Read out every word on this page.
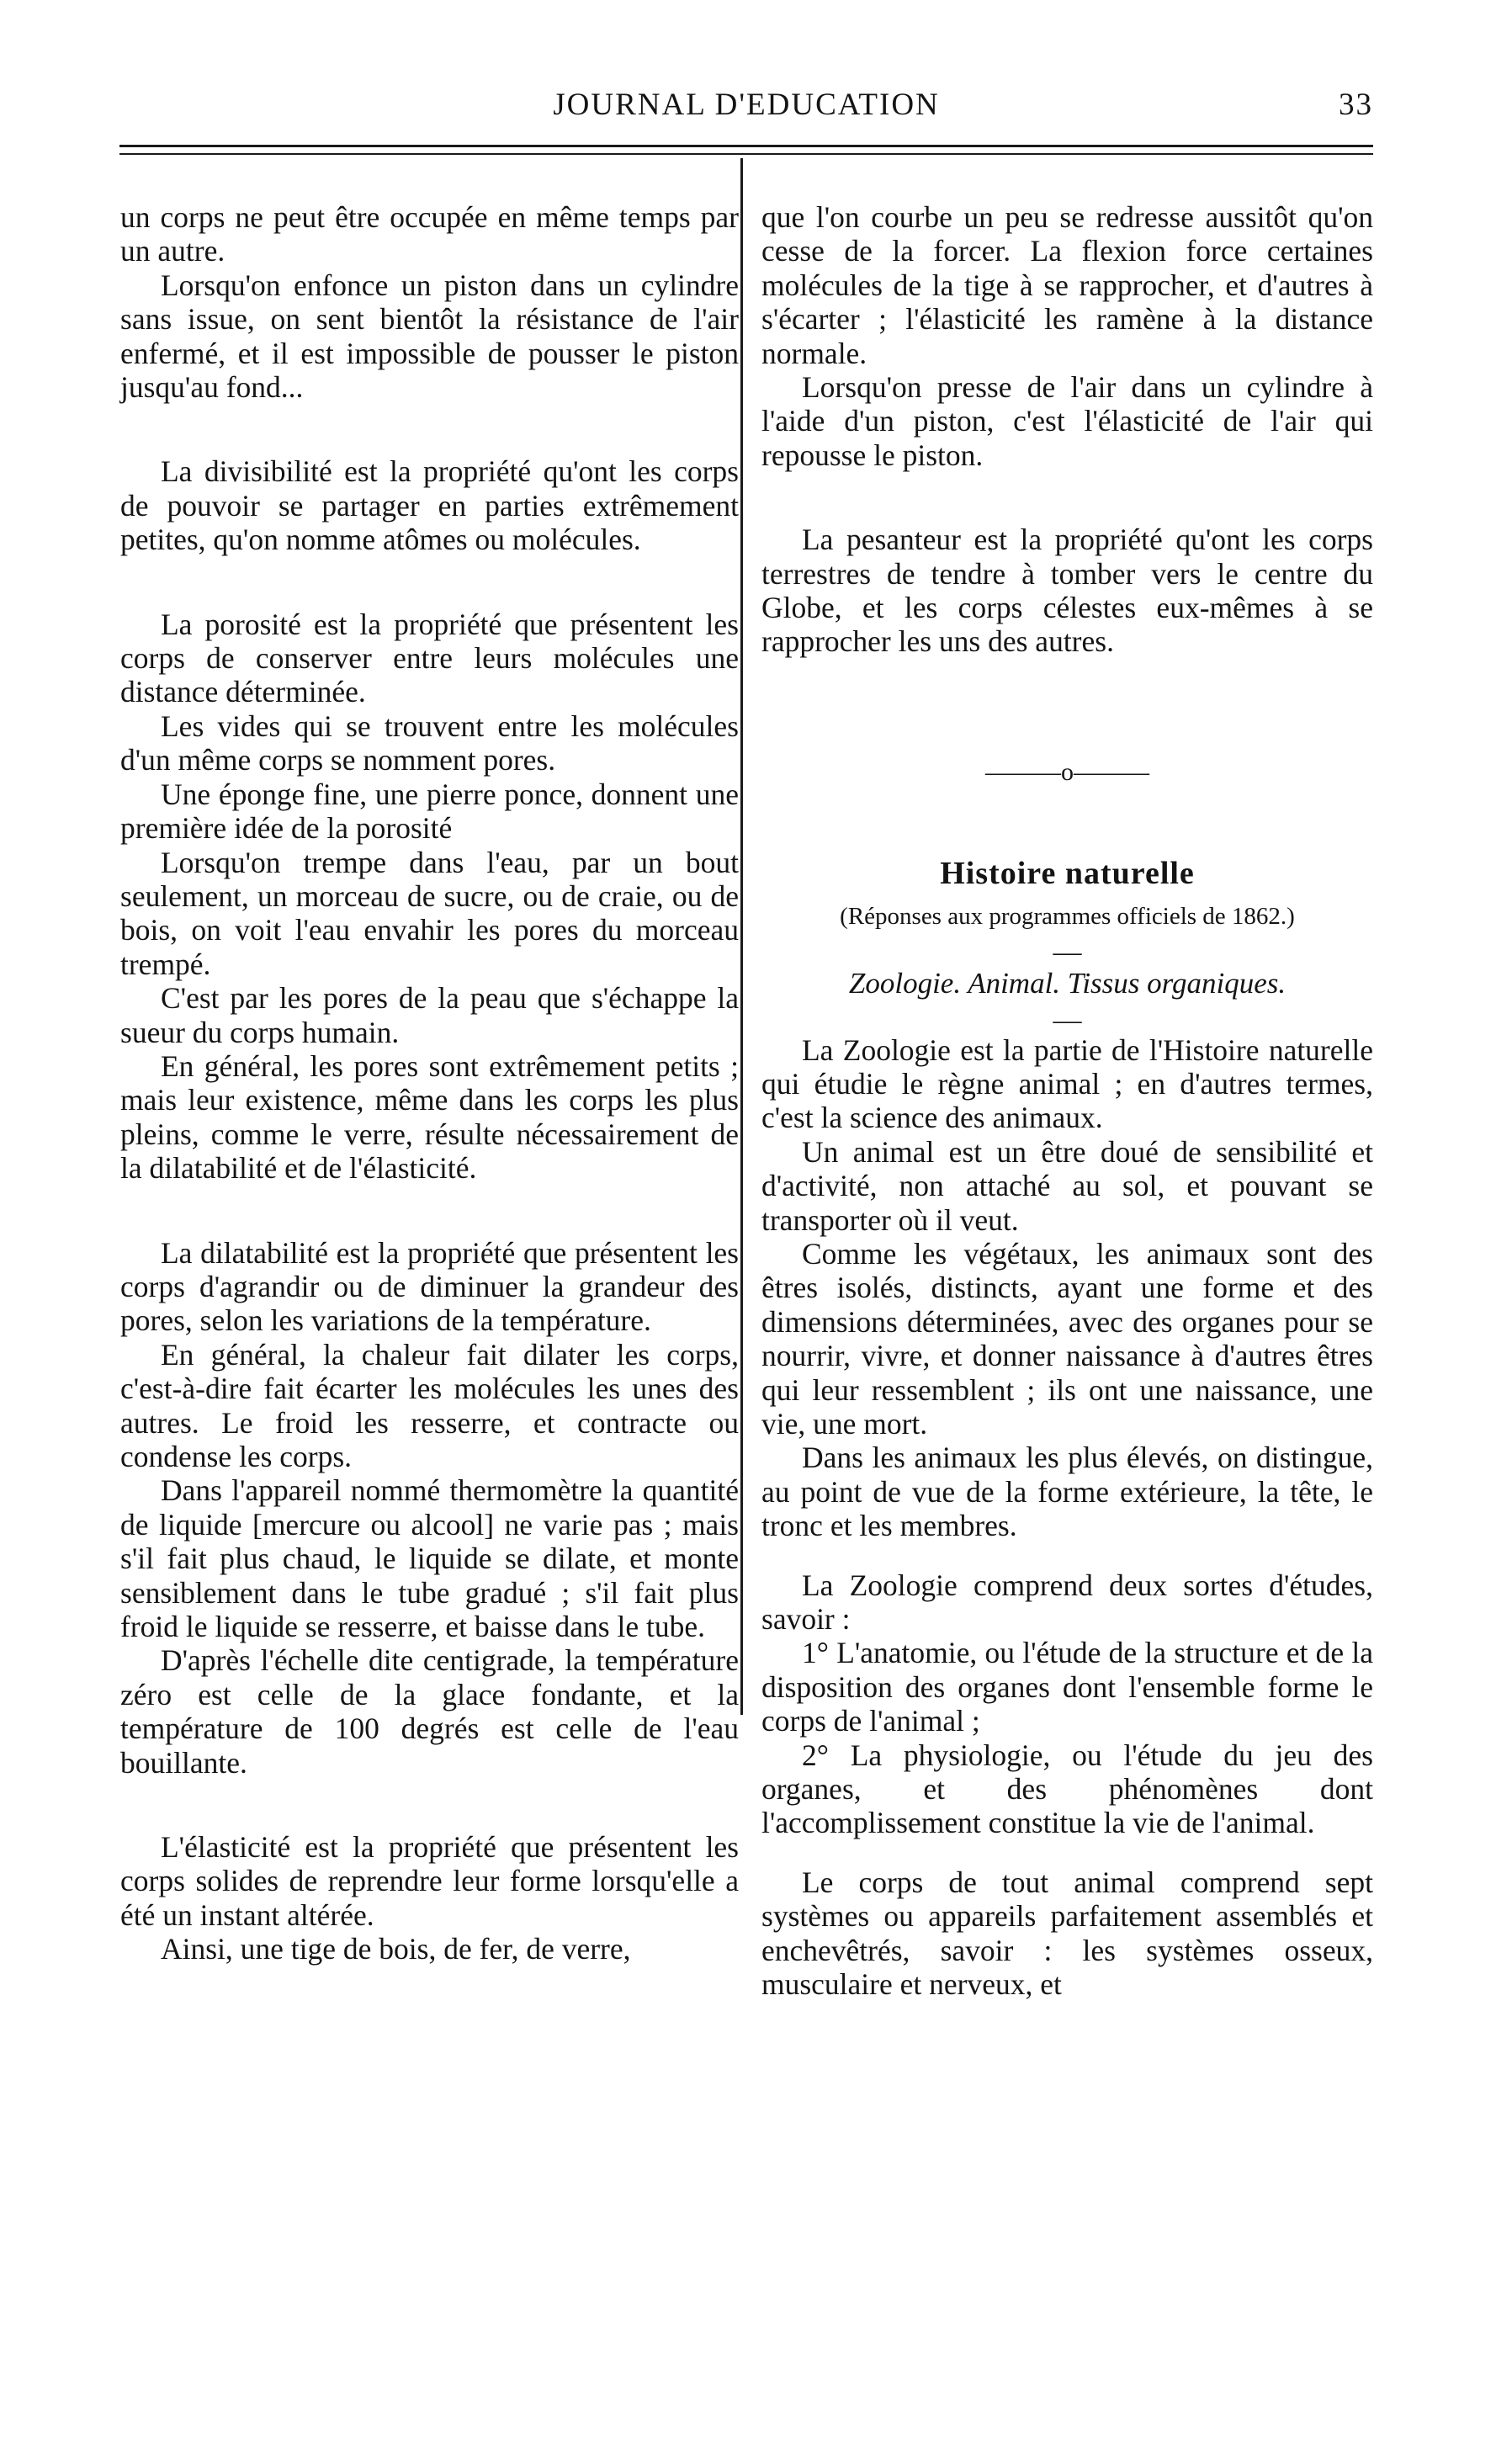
JOURNAL D'EDUCATION	33

un corps ne peut être occupée en même temps par un autre.

Lorsqu'on enfonce un piston dans un cylindre sans issue, on sent bientôt la résistance de l'air enfermé, et il est impossible de pousser le piston jusqu'au fond...

La divisibilité est la propriété qu'ont les corps de pouvoir se partager en parties extrêmement petites, qu'on nomme atômes ou molécules.

La porosité est la propriété que présentent les corps de conserver entre leurs molécules une distance déterminée.

Les vides qui se trouvent entre les molécules d'un même corps se nomment pores.

Une éponge fine, une pierre ponce, donnent une première idée de la porosité

Lorsqu'on trempe dans l'eau, par un bout seulement, un morceau de sucre, ou de craie, ou de bois, on voit l'eau envahir les pores du morceau trempé.

C'est par les pores de la peau que s'échappe la sueur du corps humain.

En général, les pores sont extrêmement petits ; mais leur existence, même dans les corps les plus pleins, comme le verre, résulte nécessairement de la dilatabilité et de l'élasticité.

La dilatabilité est la propriété que présentent les corps d'agrandir ou de diminuer la grandeur des pores, selon les variations de la température.

En général, la chaleur fait dilater les corps, c'est-à-dire fait écarter les molécules les unes des autres. Le froid les resserre, et contracte ou condense les corps.

Dans l'appareil nommé thermomètre la quantité de liquide [mercure ou alcool] ne varie pas ; mais s'il fait plus chaud, le liquide se dilate, et monte sensiblement dans le tube gradué ; s'il fait plus froid le liquide se resserre, et baisse dans le tube.

D'après l'échelle dite centigrade, la température zéro est celle de la glace fondante, et la température de 100 degrés est celle de l'eau bouillante.

L'élasticité est la propriété que présentent les corps solides de reprendre leur forme lorsqu'elle a été un instant altérée.

Ainsi, une tige de bois, de fer, de verre,

que l'on courbe un peu se redresse aussitôt qu'on cesse de la forcer. La flexion force certaines molécules de la tige à se rapprocher, et d'autres à s'écarter ; l'élasticité les ramène à la distance normale.

Lorsqu'on presse de l'air dans un cylindre à l'aide d'un piston, c'est l'élasticité de l'air qui repousse le piston.

La pesanteur est la propriété qu'ont les corps terrestres de tendre à tomber vers le centre du Globe, et les corps célestes eux-mêmes à se rapprocher les uns des autres.

———o———
Histoire naturelle
(Réponses aux programmes officiels de 1862.)
—
Zoologie. Animal. Tissus organiques.
—

La Zoologie est la partie de l'Histoire naturelle qui étudie le règne animal ; en d'autres termes, c'est la science des animaux.

Un animal est un être doué de sensibilité et d'activité, non attaché au sol, et pouvant se transporter où il veut.

Comme les végétaux, les animaux sont des êtres isolés, distincts, ayant une forme et des dimensions déterminées, avec des organes pour se nourrir, vivre, et donner naissance à d'autres êtres qui leur ressemblent ; ils ont une naissance, une vie, une mort.

Dans les animaux les plus élevés, on distingue, au point de vue de la forme extérieure, la tête, le tronc et les membres.

La Zoologie comprend deux sortes d'études, savoir :

1° L'anatomie, ou l'étude de la structure et de la disposition des organes dont l'ensemble forme le corps de l'animal ;

2° La physiologie, ou l'étude du jeu des organes, et des phénomènes dont l'accomplissement constitue la vie de l'animal.

Le corps de tout animal comprend sept systèmes ou appareils parfaitement assemblés et enchevêtrés, savoir : les systèmes osseux, musculaire et nerveux, et
